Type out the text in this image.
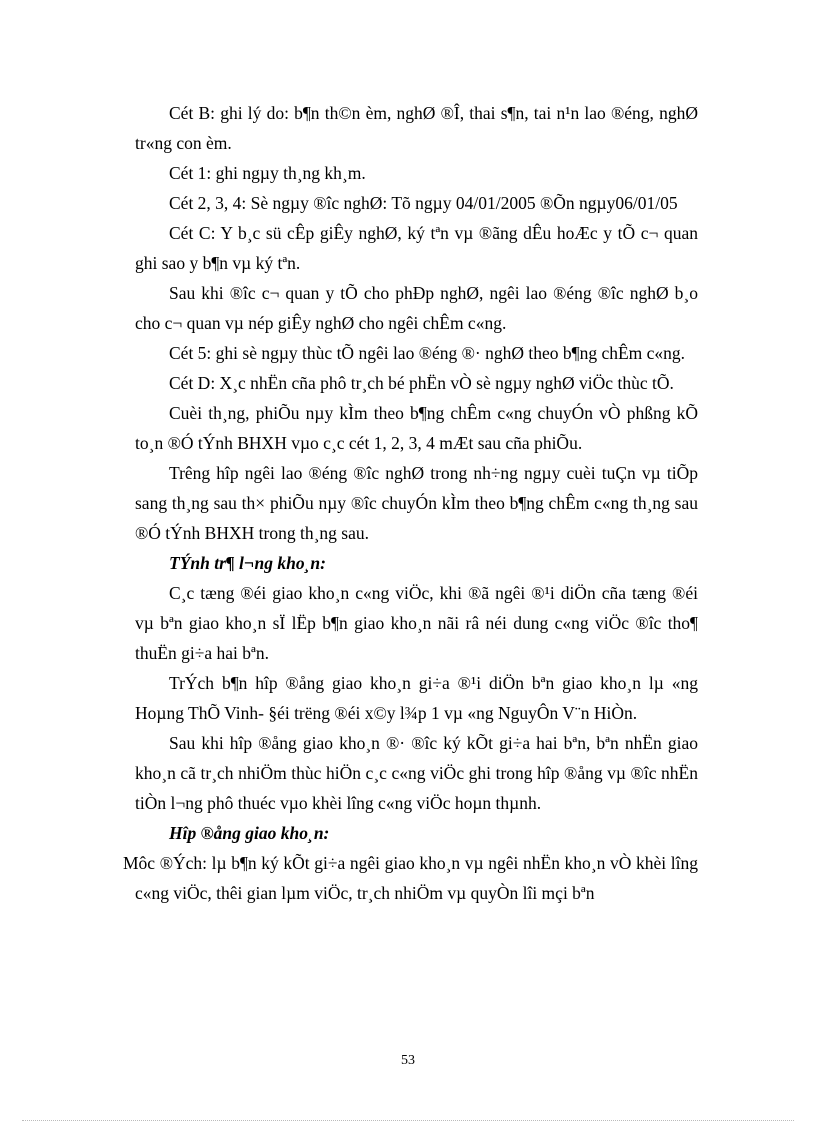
Cét B: ghi lý do: b¶n th©n èm, nghØ ®Î, thai s¶n, tai n¹n lao ®éng, nghØ tr«ng con èm.

Cét 1: ghi ngµy th¸ng kh¸m.

Cét 2, 3, 4: Sè ngµy ®îc nghØ: Tõ ngµy 04/01/2005 ®Õn ngµy06/01/05

Cét C: Y b¸c sü cÊp giÊy nghØ, ký tªn vµ ®ãng dÊu hoÆc y tÕ c¬ quan ghi sao y b¶n vµ ký tªn.

Sau khi ®îc c¬ quan y tÕ cho phÐp nghØ, ngêi lao ®éng ®îc nghØ b¸o cho c¬ quan vµ nép giÊy nghØ cho ngêi chÊm c«ng.

Cét 5: ghi sè ngµy thùc tÕ ngêi lao ®éng ®· nghØ theo b¶ng chÊm c«ng.

Cét D: X¸c nhËn cña phô tr¸ch bé phËn vÒ sè ngµy nghØ viÖc thùc tÕ.

Cuèi th¸ng, phiÕu nµy kÌm theo b¶ng chÊm c«ng chuyÓn vÒ phßng kÕ to¸n ®Ó tÝnh BHXH vµo c¸c cét 1, 2, 3, 4 mÆt sau cña phiÕu.

Trêng hîp ngêi lao ®éng ®îc nghØ trong nh÷ng ngµy cuèi tuÇn vµ tiÕp sang th¸ng sau th× phiÕu nµy ®îc chuyÓn kÌm theo b¶ng chÊm c«ng th¸ng sau ®Ó tÝnh BHXH trong th¸ng sau.

TÝnh tr¶ l¬ng kho¸n:

C¸c tæng ®éi giao kho¸n c«ng viÖc, khi ®ã ngêi ®¹i diÖn cña tæng ®éi vµ bªn giao kho¸n sÏ lËp b¶n giao kho¸n nãi râ néi dung c«ng viÖc ®îc tho¶ thuËn gi÷a hai bªn.

TrÝch b¶n hîp ®ång giao kho¸n gi÷a ®¹i diÖn bªn giao kho¸n lµ «ng Hoµng ThÕ Vinh- §éi trëng ®éi x©y l¾p 1 vµ «ng NguyÔn V¨n HiÒn.

Sau khi hîp ®ång giao kho¸n ®· ®îc ký kÕt gi÷a hai bªn, bªn nhËn giao kho¸n cã tr¸ch nhiÖm thùc hiÖn c¸c c«ng viÖc ghi trong hîp ®ång vµ ®îc nhËn tiÒn l¬ng phô thuéc vµo khèi lîng c«ng viÖc hoµn thµnh.

Hîp ®ång giao kho¸n:

Môc ®Ých: lµ b¶n ký kÕt gi÷a ngêi giao kho¸n vµ ngêi nhËn kho¸n vÒ khèi lîng c«ng viÖc, thêi gian lµm viÖc, tr¸ch nhiÖm vµ quyÒn lîi mçi bªn

53
